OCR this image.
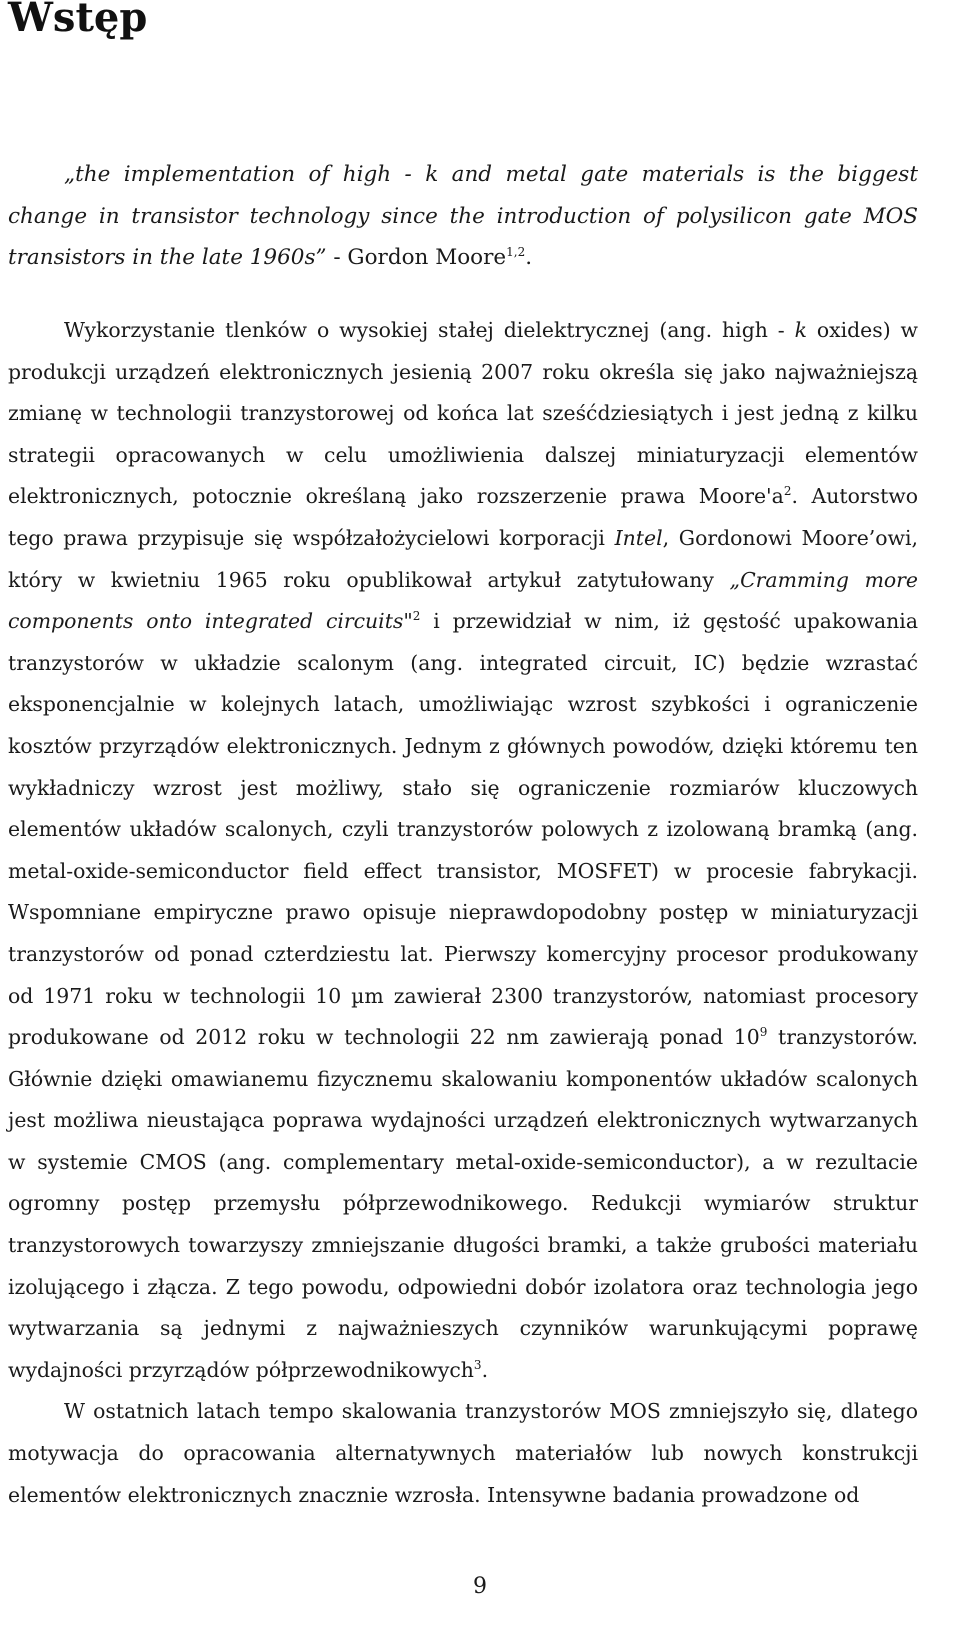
Wstęp

„the implementation of high - k and metal gate materials is the biggest change in transistor technology since the introduction of polysilicon gate MOS transistors in the late 1960s” - Gordon Moore$^{1,2}$.

Wykorzystanie tlenków o wysokiej stałej dielektrycznej (ang. high - k oxides) w produkcji urządzeń elektronicznych jesienią 2007 roku określa się jako najważniejszą zmianę w technologii tranzystorowej od końca lat sześćdziesiątych i jest jedną z kilku strategii opracowanych w celu umożliwienia dalszej miniaturyzacji elementów elektronicznych, potocznie określaną jako rozszerzenie prawa $Moore'a^2$. Autorstwo tego prawa przypisuje się współzałożycielowi korporacji Intel, Gordonowi Moore’owi, który w kwietniu 1965 roku opublikował artykuł zatytułowany „Cramming more components onto integrated circuits"$^2$ i przewidział w nim, iż gęstość upakowania tranzystorów w układzie scalonym (ang. integrated circuit, IC) będzie wzrastać eksponencjalnie w kolejnych latach, umożliwiając wzrost szybkości i ograniczenie kosztów przyrządów elektronicznych. Jednym z głównych powodów, dzięki któremu ten wykładniczy wzrost jest możliwy, stało się ograniczenie rozmiarów kluczowych elementów układów scalonych, czyli tranzystorów polowych z izolowaną bramką (ang. metal-oxide-semiconductor field effect transistor, MOSFET) w procesie fabrykacji. Wspomniane empiryczne prawo opisuje nieprawdopodobny postęp w miniaturyzacji tranzystorów od ponad czterdziestu lat. Pierwszy komercyjny procesor produkowany od 1971 roku w technologii 10 µm zawierał 2300 tranzystorów, natomiast procesory produkowane od 2012 roku w technologii 22 nm zawierają ponad $10^9$ tranzystorów. Głównie dzięki omawianemu fizycznemu skalowaniu komponentów układów scalonych jest możliwa nieustająca poprawa wydajności urządzeń elektronicznych wytwarzanych w systemie CMOS (ang. complementary metal-oxide-semiconductor), a w rezultacie ogromny postęp przemysłu półprzewodnikowego. Redukcji wymiarów struktur tranzystorowych towarzyszy zmniejszanie długości bramki, a także grubości materiału izolującego i złącza. Z tego powodu, odpowiedni dobór izolatora oraz technologia jego wytwarzania są jednymi z najważnieszych czynników warunkującymi poprawę wydajności przyrządów półprzewodnikowych$^3$.

W ostatnich latach tempo skalowania tranzystorów MOS zmniejszyło się, dlatego motywacja do opracowania alternatywnych materiałów lub nowych konstrukcji elementów elektronicznych znacznie wzrosła. Intensywne badania prowadzone od

9
